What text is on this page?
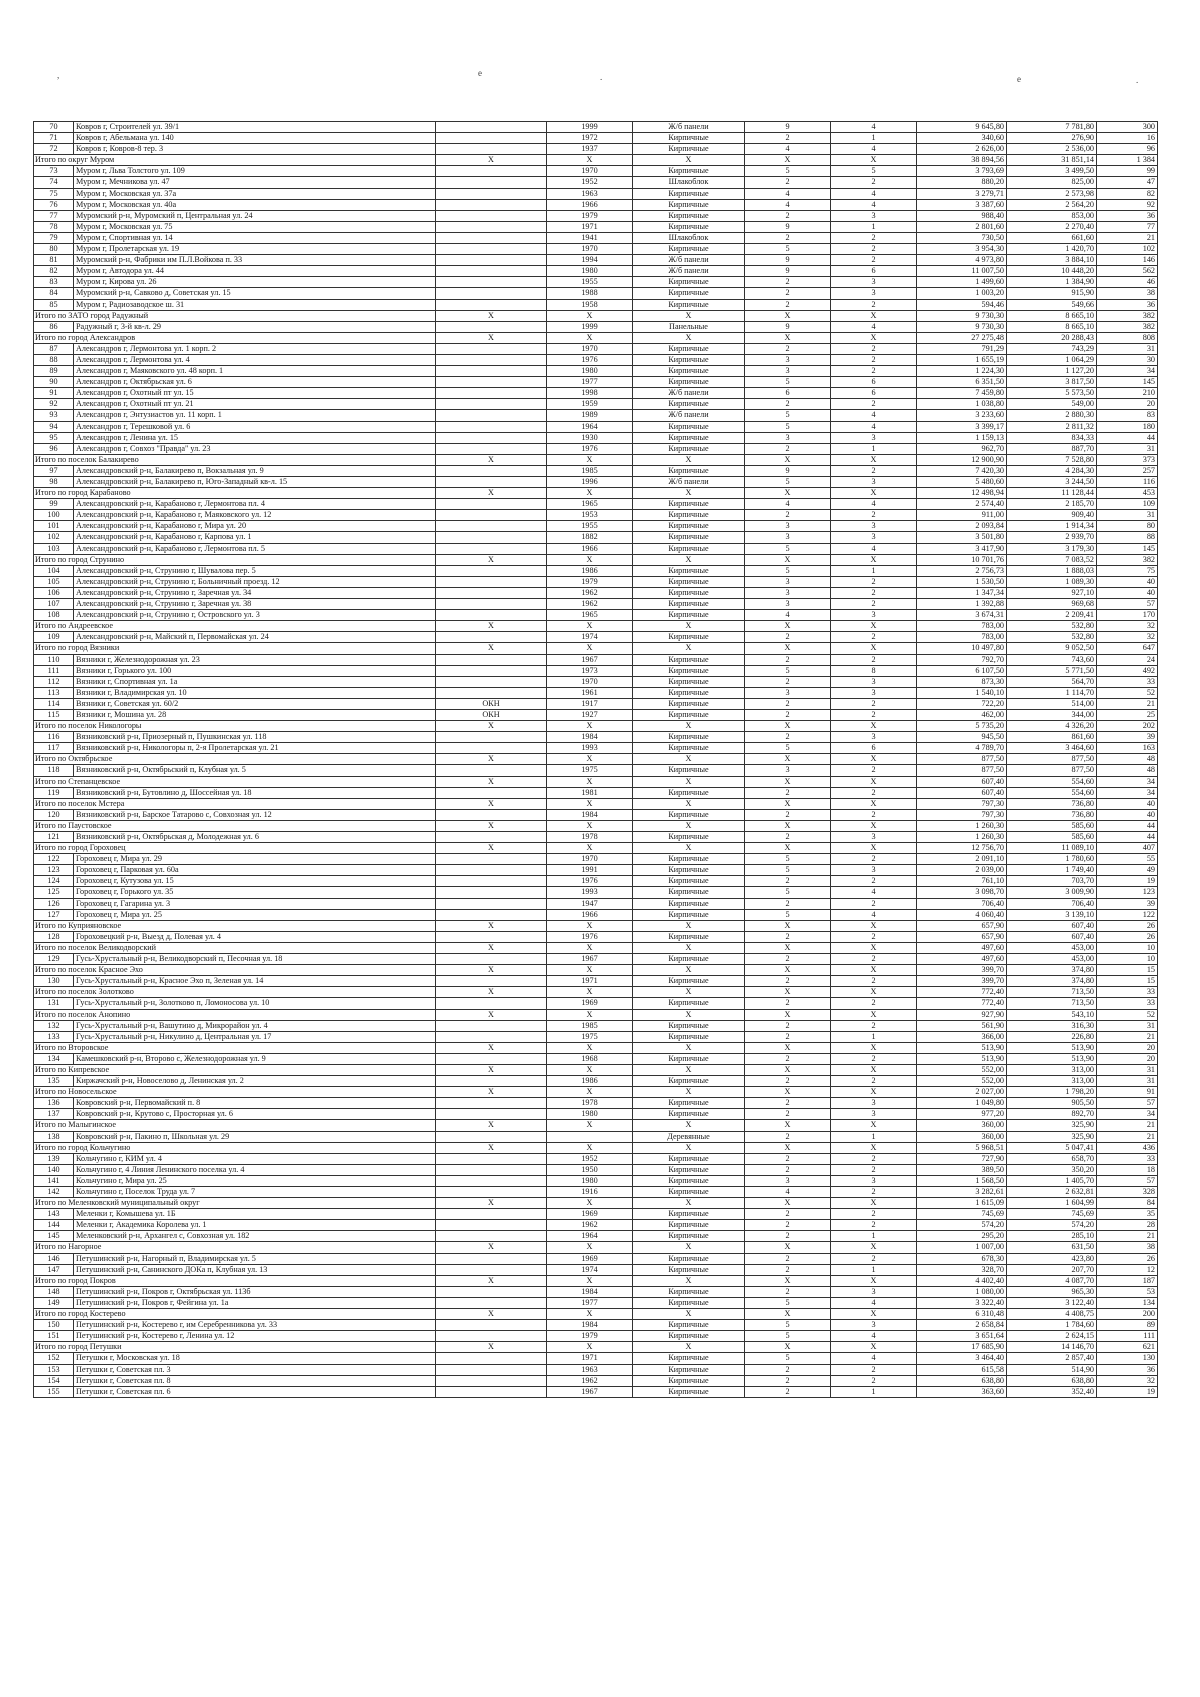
,	e	.	e	.
70	Ковров г, Строителей ул. 39/1		1999	Ж/б панели	9	4	9 645,80	7 781,80	300
71	Ковров г, Абельмана ул. 140		1972	Кирпичные	2	1	340,60	276,90	16
72	Ковров г, Ковров-8 тер. 3		1937	Кирпичные	4	4	2 626,00	2 536,00	96
Итого по округ Муром		X	X	X	X	X	38 894,56	31 851,14	1 384
73	Муром г, Льва Толстого ул. 109		1970	Кирпичные	5	5	3 793,69	3 499,50	99
74	Муром г, Мечникова ул. 47		1952	Шлакоблок	2	2	880,20	825,00	47
75	Муром г, Московская ул. 37а		1963	Кирпичные	4	4	3 279,71	2 573,98	82
76	Муром г, Московская ул. 40а		1966	Кирпичные	4	4	3 387,60	2 564,20	92
77	Муромский р-н, Муромский п, Центральная ул. 24		1979	Кирпичные	2	3	988,40	853,00	36
78	Муром г, Московская ул. 75		1971	Кирпичные	9	1	2 801,60	2 270,40	77
79	Муром г, Спортивная ул. 14		1941	Шлакоблок	2	2	730,50	661,60	21
80	Муром г, Пролетарская ул. 19		1970	Кирпичные	5	2	3 954,30	1 420,70	102
81	Муромский р-н, Фабрики им П.Л.Войкова п. 33		1994	Ж/б панели	9	2	4 973,80	3 884,10	146
82	Муром г, Автодора ул. 44		1980	Ж/б панели	9	6	11 007,50	10 448,20	562
83	Муром г, Кирова ул. 26		1955	Кирпичные	2	3	1 499,60	1 384,90	46
84	Муромский р-н, Савково д, Советская ул. 15		1988	Кирпичные	2	3	1 003,20	915,90	38
85	Муром г, Радиозаводское ш. 31		1958	Кирпичные	2	2	594,46	549,66	36
Итого по ЗАТО город Радужный		X	X	X	X	X	9 730,30	8 665,10	382
86	Радужный г, 3-й кв-л. 29		1999	Панельные	9	4	9 730,30	8 665,10	382
Итого по город Александров		X	X	X	X	X	27 275,48	20 288,43	808
87	Александров г, Лермонтова ул. 1 корп. 2		1970	Кирпичные	2	2	791,29	743,29	31
88	Александров г, Лермонтова ул. 4		1976	Кирпичные	3	2	1 655,19	1 064,29	30
89	Александров г, Маяковского ул. 48 корп. 1		1980	Кирпичные	3	2	1 224,30	1 127,20	34
90	Александров г, Октябрьская ул. 6		1977	Кирпичные	5	6	6 351,50	3 817,50	145
91	Александров г, Охотный пт ул. 15		1998	Ж/б панели	6	6	7 459,80	5 573,50	210
92	Александров г, Охотный пт ул. 21		1959	Кирпичные	2	2	1 038,80	549,00	20
93	Александров г, Энтузиастов ул. 11 корп. 1		1989	Ж/б панели	5	4	3 233,60	2 880,30	83
94	Александров г, Терешковой ул. 6		1964	Кирпичные	5	4	3 399,17	2 811,32	180
95	Александров г, Ленина ул. 15		1930	Кирпичные	3	3	1 159,13	834,33	44
96	Александров г, Совхоз "Правда" ул. 23		1976	Кирпичные	2	1	962,70	887,70	31
Итого по поселок Балакирево		X	X	X	X	X	12 900,90	7 528,80	373
97	Александровский р-н, Балакирево п, Вокзальная ул. 9		1985	Кирпичные	9	2	7 420,30	4 284,30	257
98	Александровский р-н, Балакирево п, Юго-Западный кв-л. 15		1996	Ж/б панели	5	3	5 480,60	3 244,50	116
Итого по город Карабаново		X	X	X	X	X	12 498,94	11 128,44	453
99	Александровский р-н, Карабаново г, Лермонтова пл. 4		1965	Кирпичные	4	4	2 574,40	2 185,70	109
100	Александровский р-н, Карабаново г, Маяковского ул. 12		1953	Кирпичные	2	2	911,00	909,40	31
101	Александровский р-н, Карабаново г, Мира ул. 20		1955	Кирпичные	3	3	2 093,84	1 914,34	80
102	Александровский р-н, Карабаново г, Карпова ул. 1		1882	Кирпичные	3	3	3 501,80	2 939,70	88
103	Александровский р-н, Карабаново г, Лермонтова пл. 5		1966	Кирпичные	5	4	3 417,90	3 179,30	145
Итого по город Струнино		X	X	X	X	X	10 701,76	7 083,52	382
104	Александровский р-н, Струнино г, Шувалова пер. 5		1986	Кирпичные	5	1	2 756,73	1 888,03	75
105	Александровский р-н, Струнино г, Больничный проезд. 12		1979	Кирпичные	3	2	1 530,50	1 089,30	40
106	Александровский р-н, Струнино г, Заречная ул. 34		1962	Кирпичные	3	2	1 347,34	927,10	40
107	Александровский р-н, Струнино г, Заречная ул. 38		1962	Кирпичные	3	2	1 392,88	969,68	57
108	Александровский р-н, Струнино г, Островского ул. 3		1965	Кирпичные	4	3	3 674,31	2 209,41	170
Итого по Андреевское		X	X	X	X	X	783,00	532,80	32
109	Александровский р-н, Майский п, Первомайская ул. 24		1974	Кирпичные	2	2	783,00	532,80	32
Итого по город Вязники		X	X	X	X	X	10 497,80	9 052,50	647
110	Вязники г, Железнодорожная ул. 23		1967	Кирпичные	2	2	792,70	743,60	24
111	Вязники г, Горького ул. 100		1973	Кирпичные	5	8	6 107,50	5 771,50	492
112	Вязники г, Спортивная ул. 1а		1970	Кирпичные	2	3	873,30	564,70	33
113	Вязники г, Владимирская ул. 10		1961	Кирпичные	3	3	1 540,10	1 114,70	52
114	Вязники г, Советская ул. 60/2	ОКН	1917	Кирпичные	2	2	722,20	514,00	21
115	Вязники г, Мошина ул. 28	ОКН	1927	Кирпичные	2	2	462,00	344,00	25
Итого по поселок Никологоры		X	X	X	X	X	5 735,20	4 326,20	202
116	Вязниковский р-н, Приозерный п, Пушкинская ул. 118		1984	Кирпичные	2	3	945,50	861,60	39
117	Вязниковский р-н, Никологоры п, 2-я Пролетарская ул. 21		1993	Кирпичные	5	6	4 789,70	3 464,60	163
Итого по Октябрьское		X	X	X	X	X	877,50	877,50	48
118	Вязниковский р-н, Октябрьский п, Клубная ул. 5		1975	Кирпичные	3	2	877,50	877,50	48
Итого по Степанцевское		X	X	X	X	X	607,40	554,60	34
119	Вязниковский р-н, Бутовлино д, Шоссейная ул. 18		1981	Кирпичные	2	2	607,40	554,60	34
Итого по поселок Мстера		X	X	X	X	X	797,30	736,80	40
120	Вязниковский р-н, Барское Татарово с, Совхозная ул. 12		1984	Кирпичные	2	2	797,30	736,80	40
Итого по Паустовское		X	X	X	X	X	1 260,30	585,60	44
121	Вязниковский р-н, Октябрьская д, Молодежная ул. 6		1978	Кирпичные	2	3	1 260,30	585,60	44
Итого по город Гороховец		X	X	X	X	X	12 756,70	11 089,10	407
122	Гороховец г, Мира ул. 29		1970	Кирпичные	5	2	2 091,10	1 780,60	55
123	Гороховец г, Парковая ул. 60а		1991	Кирпичные	5	3	2 039,00	1 749,40	49
124	Гороховец г, Кутузова ул. 15		1976	Кирпичные	2	2	761,10	703,70	19
125	Гороховец г, Горького ул. 35		1993	Кирпичные	5	4	3 098,70	3 009,90	123
126	Гороховец г, Гагарина ул. 3		1947	Кирпичные	2	2	706,40	706,40	39
127	Гороховец г, Мира ул. 25		1966	Кирпичные	5	4	4 060,40	3 139,10	122
Итого по Куприяновское		X	X	X	X	X	657,90	607,40	26
128	Гороховецкий р-н, Выезд д, Полевая ул. 4		1976	Кирпичные	2	2	657,90	607,40	26
Итого по поселок Великодворский		X	X	X	X	X	497,60	453,00	10
129	Гусь-Хрустальный р-н, Великодворский п, Песочная ул. 18		1967	Кирпичные	2	2	497,60	453,00	10
Итого по поселок Красное Эхо		X	X	X	X	X	399,70	374,80	15
130	Гусь-Хрустальный р-н, Красное Эхо п, Зеленая ул. 14		1971	Кирпичные	2	2	399,70	374,80	15
Итого по поселок Золотково		X	X	X	X	X	772,40	713,50	33
131	Гусь-Хрустальный р-н, Золотково п, Ломоносова ул. 10		1969	Кирпичные	2	2	772,40	713,50	33
Итого по поселок Анопино		X	X	X	X	X	927,90	543,10	52
132	Гусь-Хрустальный р-н, Вашутино д, Микрорайон ул. 4		1985	Кирпичные	2	2	561,90	316,30	31
133	Гусь-Хрустальный р-н, Никулино д, Центральная ул. 17		1975	Кирпичные	2	1	366,00	226,80	21
Итого по Второвское		X	X	X	X	X	513,90	513,90	20
134	Камешковский р-н, Второво с, Железнодорожная ул. 9		1968	Кирпичные	2	2	513,90	513,90	20
Итого по Кипревское		X	X	X	X	X	552,00	313,00	31
135	Киржачский р-н, Новоселово д, Ленинская ул. 2		1986	Кирпичные	2	2	552,00	313,00	31
Итого по Новосельское		X	X	X	X	X	2 027,00	1 798,20	91
136	Ковровский р-н, Первомайский п. 8		1978	Кирпичные	2	3	1 049,80	905,50	57
137	Ковровский р-н, Крутово с, Просторная ул. 6		1980	Кирпичные	2	3	977,20	892,70	34
Итого по Малыгинское		X	X	X	X	X	360,00	325,90	21
138	Ковровский р-н, Пакино п, Школьная ул. 29			Деревянные	2	1	360,00	325,90	21
Итого по город Кольчугино		X	X	X	X	X	5 968,51	5 047,41	436
139	Кольчугино г, КИМ ул. 4		1952	Кирпичные	2	2	727,90	658,70	33
140	Кольчугино г, 4 Линия Ленинского поселка ул. 4		1950	Кирпичные	2	2	389,50	350,20	18
141	Кольчугино г, Мира ул. 25		1980	Кирпичные	3	3	1 568,50	1 405,70	57
142	Кольчугино г, Поселок Труда ул. 7		1916	Кирпичные	4	2	3 282,61	2 632,81	328
Итого по Меленковский муниципальный округ		X	X	X	X	X	1 615,09	1 604,99	84
143	Меленки г, Комышева ул. 1Б		1969	Кирпичные	2	2	745,69	745,69	35
144	Меленки г, Академика Королева ул. 1		1962	Кирпичные	2	2	574,20	574,20	28
145	Меленковский р-н, Архангел с, Совхозная ул. 182		1964	Кирпичные	2	1	295,20	285,10	21
Итого по Нагорное		X	X	X	X	X	1 007,00	631,50	38
146	Петушинский р-н, Нагорный п, Владимирская ул. 5		1969	Кирпичные	2	2	678,30	423,80	26
147	Петушинский р-н, Санинского ДОКа п, Клубная ул. 13		1974	Кирпичные	2	1	328,70	207,70	12
Итого по город Покров		X	X	X	X	X	4 402,40	4 087,70	187
148	Петушинский р-н, Покров г, Октябрьская ул. 113б		1984	Кирпичные	2	3	1 080,00	965,30	53
149	Петушинский р-н, Покров г, Фейгина ул. 1а		1977	Кирпичные	5	4	3 322,40	3 122,40	134
Итого по город Костерево		X	X	X	X	X	6 310,48	4 408,75	200
150	Петушинский р-н, Костерево г, им Серебренникова ул. 33		1984	Кирпичные	5	3	2 658,84	1 784,60	89
151	Петушинский р-н, Костерево г, Ленина ул. 12		1979	Кирпичные	5	4	3 651,64	2 624,15	111
Итого по город Петушки		X	X	X	X	X	17 685,90	14 146,70	621
152	Петушки г, Московская ул. 18		1971	Кирпичные	5	4	3 464,40	2 857,40	130
153	Петушки г, Советская пл. 3		1963	Кирпичные	2	2	615,58	514,90	36
154	Петушки г, Советская пл. 8		1962	Кирпичные	2	2	638,80	638,80	32
155	Петушки г, Советская пл. 6		1967	Кирпичные	2	1	363,60	352,40	19
